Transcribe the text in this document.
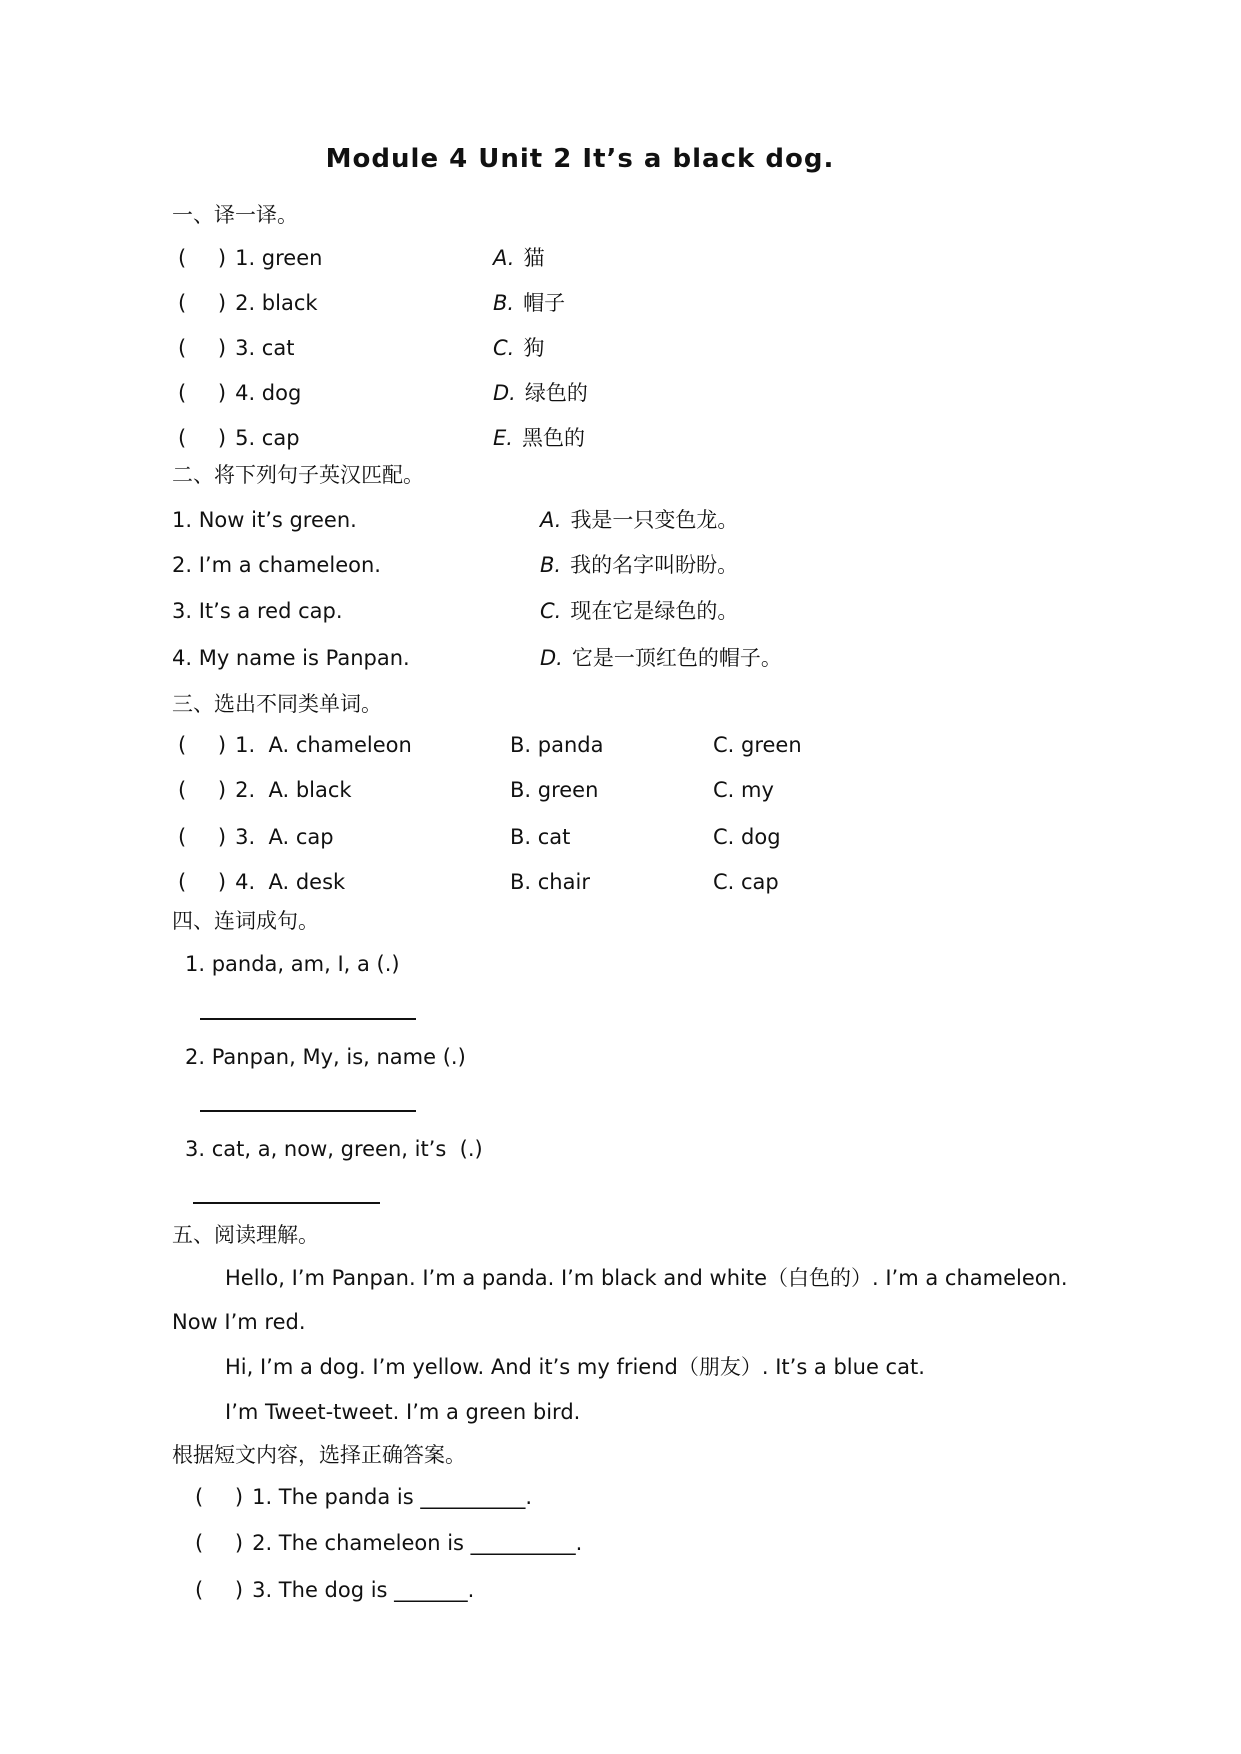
Module 4 Unit 2 It’s a black dog.
一、译一译。
(    ) 1. green	A. 猫
(    ) 2. black	B. 帽子
(    ) 3. cat	C. 狗
(    ) 4. dog	D. 绿色的
(    ) 5. cap	E. 黑色的
二、将下列句子英汉匹配。
1. Now it’s green.	A. 我是一只变色龙。
2. I’m a chameleon.	B. 我的名字叫盼盼。
3. It’s a red cap.	C. 现在它是绿色的。
4. My name is Panpan.	D. 它是一顶红色的帽子。
三、选出不同类单词。
(    ) 1.  A. chameleon	B. panda	C. green
(    ) 2.  A. black	B. green	C. my
(    ) 3.  A. cap	B. cat	C. dog
(    ) 4.  A. desk	B. chair	C. cap
四、连词成句。
1. panda, am, I, a (.)
2. Panpan, My, is, name (.)
3. cat, a, now, green, it’s  (.)
五、阅读理解。
Hello, I’m Panpan. I’m a panda. I’m black and white（白色的）. I’m a chameleon.
Now I’m red.
Hi, I’m a dog. I’m yellow. And it’s my friend（朋友）. It’s a blue cat.
I’m Tweet-tweet. I’m a green bird.
根据短文内容，选择正确答案。
(    ) 1. The panda is __________.
(    ) 2. The chameleon is __________.
(    ) 3. The dog is _______.
